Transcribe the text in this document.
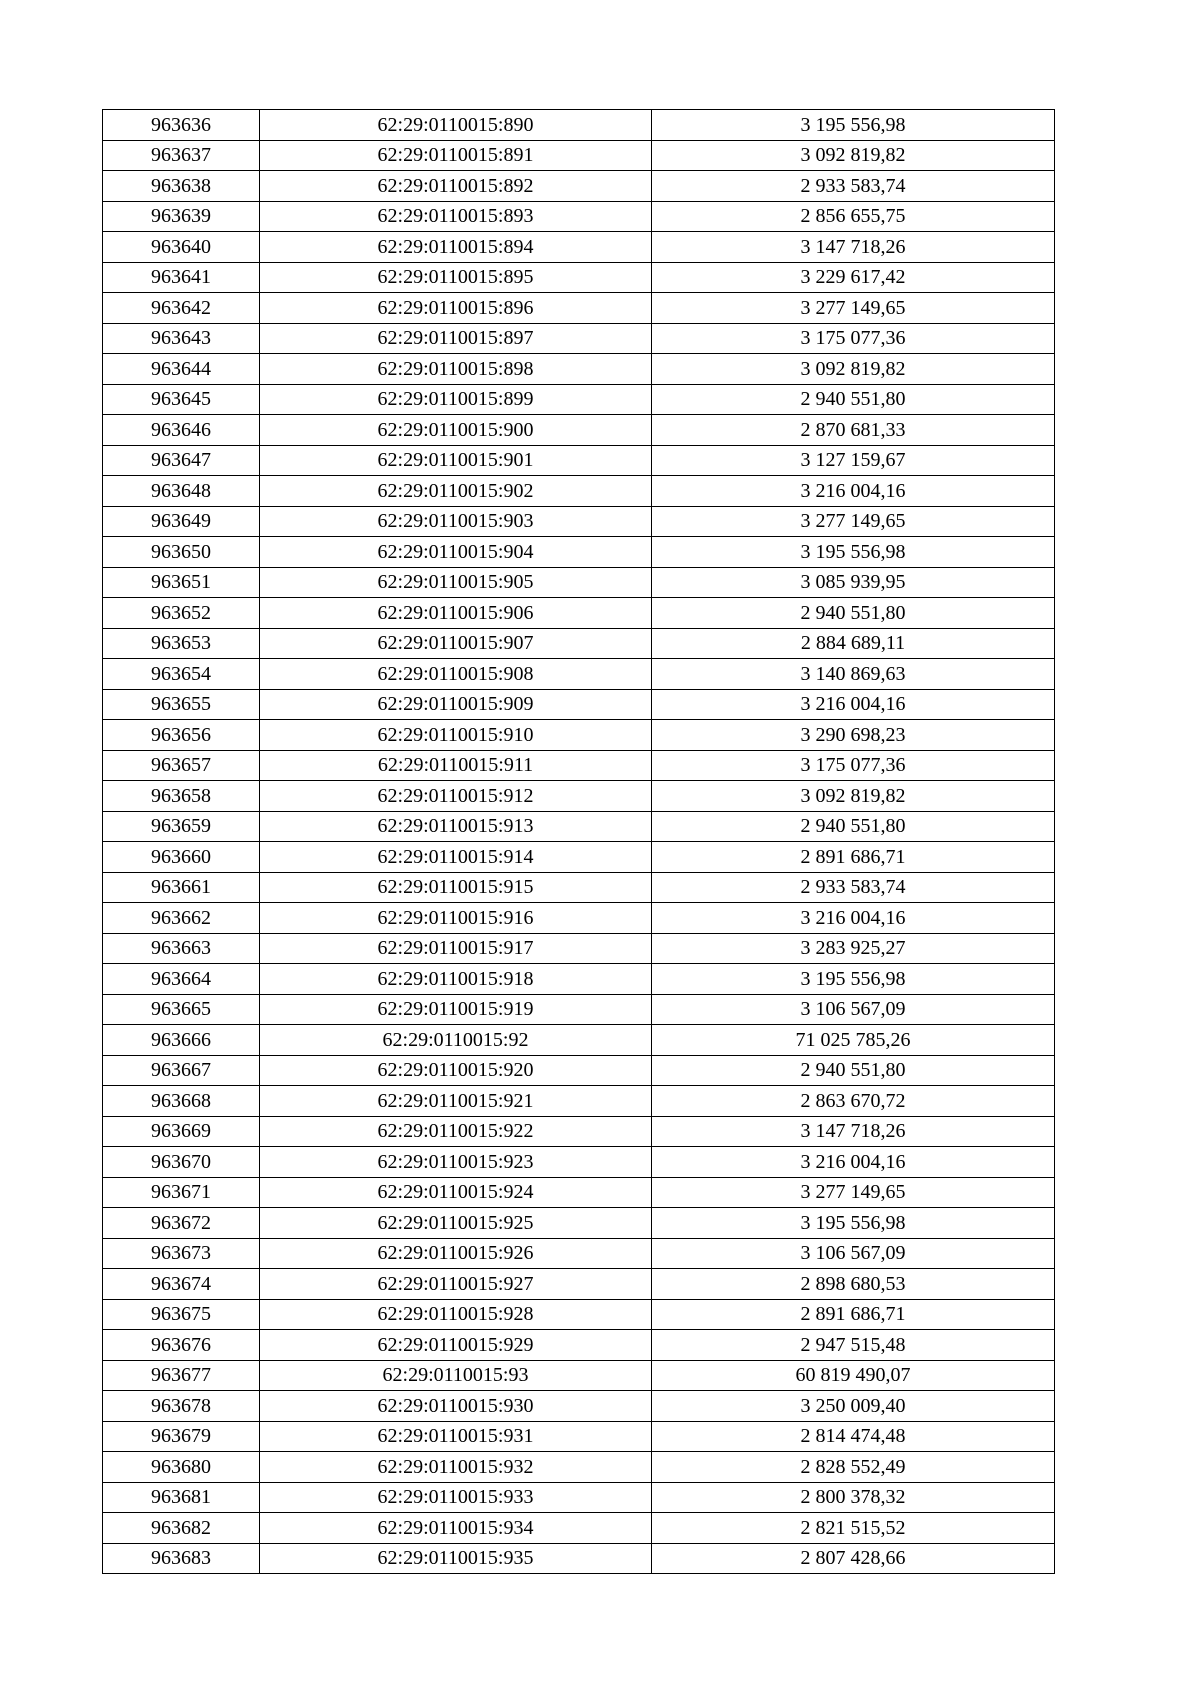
963636	62:29:0110015:890	3 195 556,98
963637	62:29:0110015:891	3 092 819,82
963638	62:29:0110015:892	2 933 583,74
963639	62:29:0110015:893	2 856 655,75
963640	62:29:0110015:894	3 147 718,26
963641	62:29:0110015:895	3 229 617,42
963642	62:29:0110015:896	3 277 149,65
963643	62:29:0110015:897	3 175 077,36
963644	62:29:0110015:898	3 092 819,82
963645	62:29:0110015:899	2 940 551,80
963646	62:29:0110015:900	2 870 681,33
963647	62:29:0110015:901	3 127 159,67
963648	62:29:0110015:902	3 216 004,16
963649	62:29:0110015:903	3 277 149,65
963650	62:29:0110015:904	3 195 556,98
963651	62:29:0110015:905	3 085 939,95
963652	62:29:0110015:906	2 940 551,80
963653	62:29:0110015:907	2 884 689,11
963654	62:29:0110015:908	3 140 869,63
963655	62:29:0110015:909	3 216 004,16
963656	62:29:0110015:910	3 290 698,23
963657	62:29:0110015:911	3 175 077,36
963658	62:29:0110015:912	3 092 819,82
963659	62:29:0110015:913	2 940 551,80
963660	62:29:0110015:914	2 891 686,71
963661	62:29:0110015:915	2 933 583,74
963662	62:29:0110015:916	3 216 004,16
963663	62:29:0110015:917	3 283 925,27
963664	62:29:0110015:918	3 195 556,98
963665	62:29:0110015:919	3 106 567,09
963666	62:29:0110015:92	71 025 785,26
963667	62:29:0110015:920	2 940 551,80
963668	62:29:0110015:921	2 863 670,72
963669	62:29:0110015:922	3 147 718,26
963670	62:29:0110015:923	3 216 004,16
963671	62:29:0110015:924	3 277 149,65
963672	62:29:0110015:925	3 195 556,98
963673	62:29:0110015:926	3 106 567,09
963674	62:29:0110015:927	2 898 680,53
963675	62:29:0110015:928	2 891 686,71
963676	62:29:0110015:929	2 947 515,48
963677	62:29:0110015:93	60 819 490,07
963678	62:29:0110015:930	3 250 009,40
963679	62:29:0110015:931	2 814 474,48
963680	62:29:0110015:932	2 828 552,49
963681	62:29:0110015:933	2 800 378,32
963682	62:29:0110015:934	2 821 515,52
963683	62:29:0110015:935	2 807 428,66
